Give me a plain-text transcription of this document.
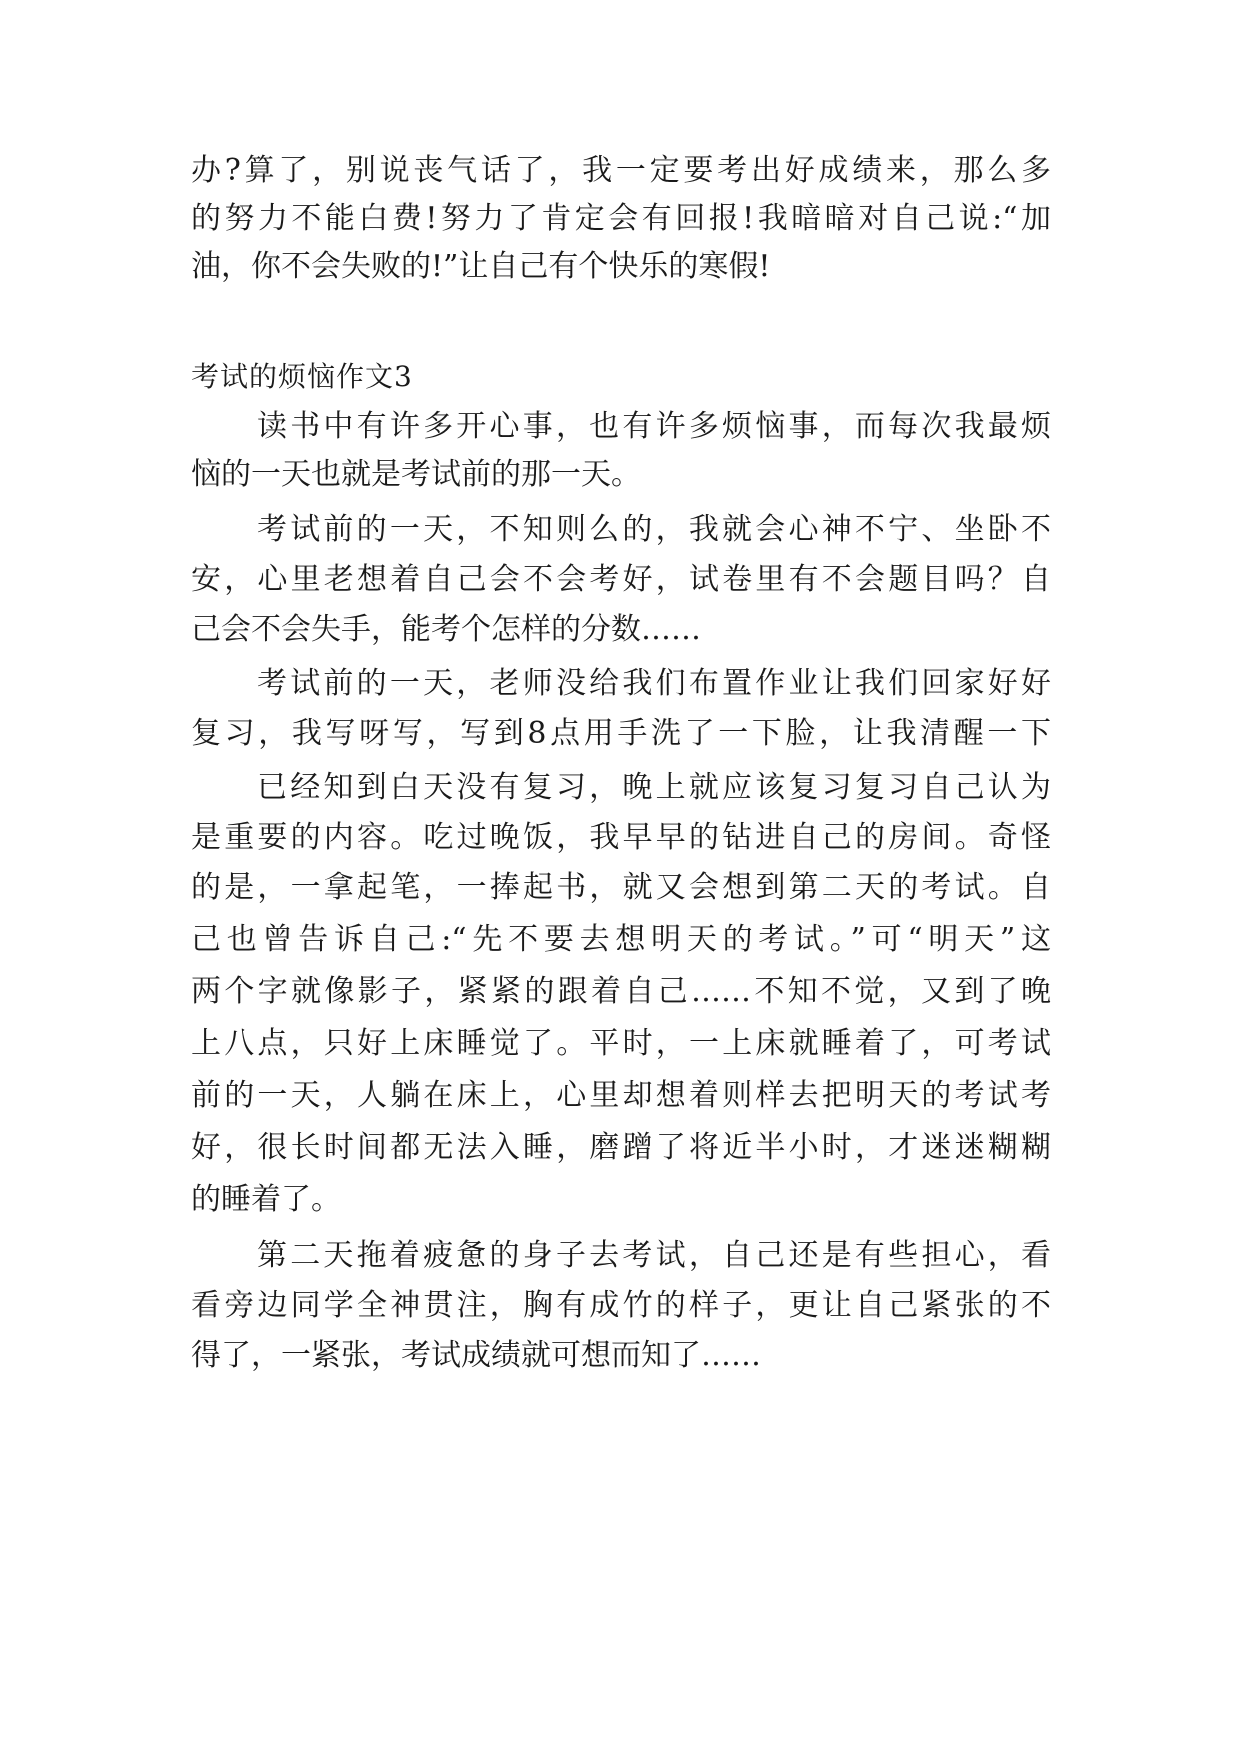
办?算了，别说丧气话了，我一定要考出好成绩来，那么多
的努力不能白费!努力了肯定会有回报!我暗暗对自己说:“加
油，你不会失败的!”让自己有个快乐的寒假!
考试的烦恼作文3
读书中有许多开心事，也有许多烦恼事，而每次我最烦
恼的一天也就是考试前的那一天。
考试前的一天，不知则么的，我就会心神不宁、坐卧不
安，心里老想着自己会不会考好，试卷里有不会题目吗？自
己会不会失手，能考个怎样的分数……
考试前的一天，老师没给我们布置作业让我们回家好好
复习，我写呀写，写到8点用手洗了一下脸，让我清醒一下
已经知到白天没有复习，晚上就应该复习复习自己认为
是重要的内容。吃过晚饭，我早早的钻进自己的房间。奇怪
的是，一拿起笔，一捧起书，就又会想到第二天的考试。自
己也曾告诉自己:“先不要去想明天的考试。”可“明天”这
两个字就像影子，紧紧的跟着自己……不知不觉，又到了晚
上八点，只好上床睡觉了。平时，一上床就睡着了，可考试
前的一天，人躺在床上，心里却想着则样去把明天的考试考
好，很长时间都无法入睡，磨蹭了将近半小时，才迷迷糊糊
的睡着了。
第二天拖着疲惫的身子去考试，自己还是有些担心，看
看旁边同学全神贯注，胸有成竹的样子，更让自己紧张的不
得了，一紧张，考试成绩就可想而知了……
